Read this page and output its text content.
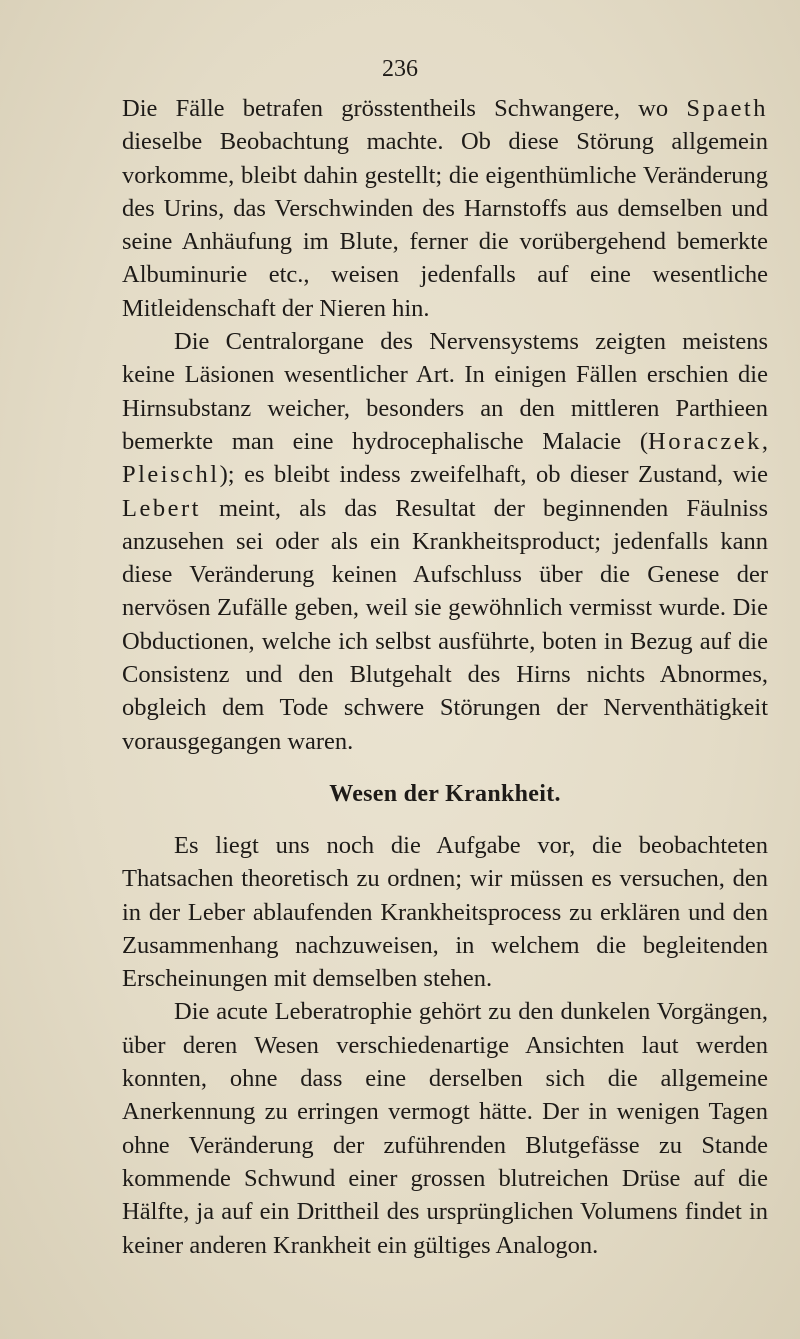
236

Die Fälle betrafen grösstentheils Schwangere, wo Spaeth dieselbe Beobachtung machte. Ob diese Störung allgemein vorkomme, bleibt dahin gestellt; die eigenthümliche Veränderung des Urins, das Verschwinden des Harnstoffs aus demselben und seine Anhäufung im Blute, ferner die vorübergehend bemerkte Albuminurie etc., weisen jedenfalls auf eine wesentliche Mitleidenschaft der Nieren hin.

Die Centralorgane des Nervensystems zeigten meistens keine Läsionen wesentlicher Art. In einigen Fällen erschien die Hirnsubstanz weicher, besonders an den mittleren Parthieen bemerkte man eine hydrocephalische Malacie (Horaczek, Pleischl); es bleibt indess zweifelhaft, ob dieser Zustand, wie Lebert meint, als das Resultat der beginnenden Fäulniss anzusehen sei oder als ein Krankheitsproduct; jedenfalls kann diese Veränderung keinen Aufschluss über die Genese der nervösen Zufälle geben, weil sie gewöhnlich vermisst wurde. Die Obductionen, welche ich selbst ausführte, boten in Bezug auf die Consistenz und den Blutgehalt des Hirns nichts Abnormes, obgleich dem Tode schwere Störungen der Nerventhätigkeit vorausgegangen waren.

Wesen der Krankheit.

Es liegt uns noch die Aufgabe vor, die beobachteten Thatsachen theoretisch zu ordnen; wir müssen es versuchen, den in der Leber ablaufenden Krankheitsprocess zu erklären und den Zusammenhang nachzuweisen, in welchem die begleitenden Erscheinungen mit demselben stehen.

Die acute Leberatrophie gehört zu den dunkelen Vorgängen, über deren Wesen verschiedenartige Ansichten laut werden konnten, ohne dass eine derselben sich die allgemeine Anerkennung zu erringen vermogt hätte. Der in wenigen Tagen ohne Veränderung der zuführenden Blutgefässe zu Stande kommende Schwund einer grossen blutreichen Drüse auf die Hälfte, ja auf ein Drittheil des ursprünglichen Volumens findet in keiner anderen Krankheit ein gültiges Analogon.
